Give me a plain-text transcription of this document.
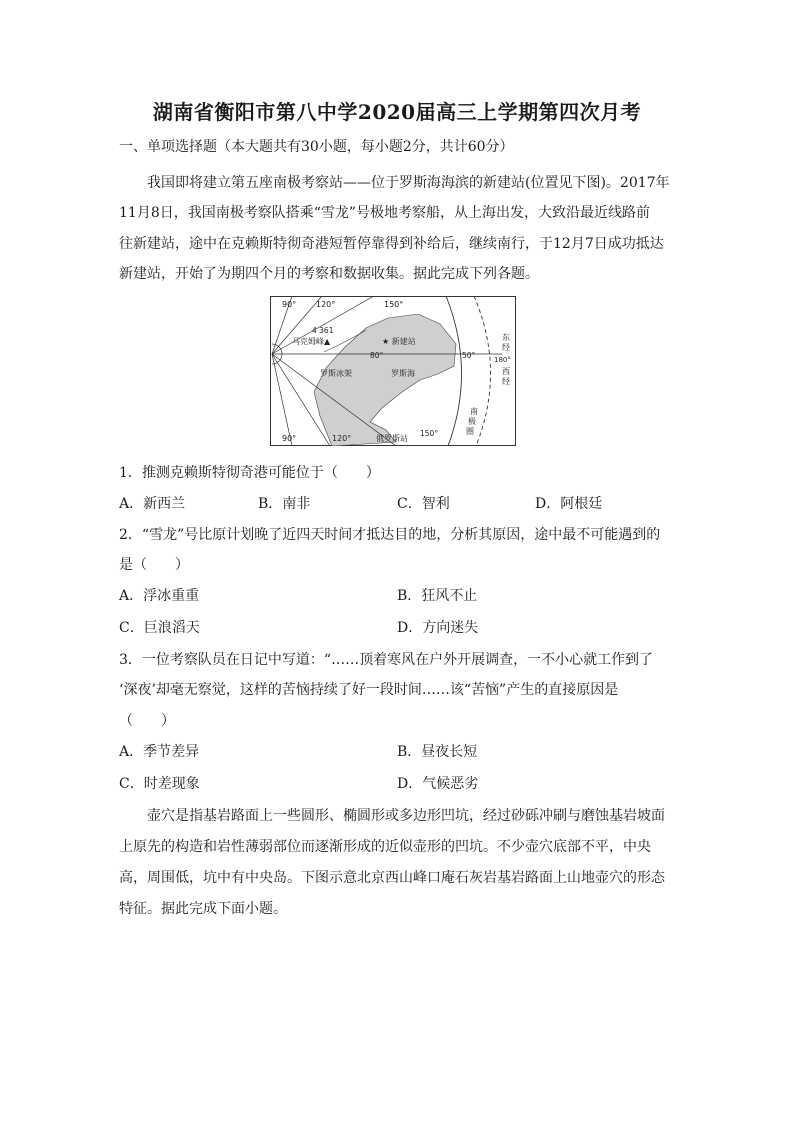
湖南省衡阳市第八中学2020届高三上学期第四次月考
一、单项选择题（本大题共有30小题，每小题2分，共计60分）
我国即将建立第五座南极考察站——位于罗斯海海滨的新建站(位置见下图)。2017年
11月8日，我国南极考察队搭乘“雪龙”号极地考察船，从上海出发，大致沿最近线路前
往新建站，途中在克赖斯特彻奇港短暂停靠得到补给后，继续南行，于12月7日成功抵达
新建站，开始了为期四个月的考察和数据收集。据此完成下列各题。
90° 120°	150°
4 361
马克姆峰▲	★ 新建站
80°	50°
罗斯冰架	罗斯海
东
经
180°
西
经
90°	120°	俄罗斯站
150°
南
极
圈
1．推测克赖斯特彻奇港可能位于（　　）
A．新西兰	B．南非	C．智利	D．阿根廷
2．“雪龙”号比原计划晚了近四天时间才抵达目的地，分析其原因，途中最不可能遇到的
是（　　）
A．浮冰重重	B．狂风不止
C．巨浪滔天	D．方向迷失
3．一位考察队员在日记中写道：“……顶着寒风在户外开展调查，一不小心就工作到了
‘深夜’却毫无察觉，这样的苦恼持续了好一段时间……该“苦恼”产生的直接原因是
（　　）
A．季节差异	B．昼夜长短
C．时差现象	D．气候恶劣
壶穴是指基岩路面上一些圆形、椭圆形或多边形凹坑，经过砂砾冲刷与磨蚀基岩坡面
上原先的构造和岩性薄弱部位而逐渐形成的近似壶形的凹坑。不少壶穴底部不平，中央
高，周围低，坑中有中央岛。下图示意北京西山峰口庵石灰岩基岩路面上山地壶穴的形态
特征。据此完成下面小题。
